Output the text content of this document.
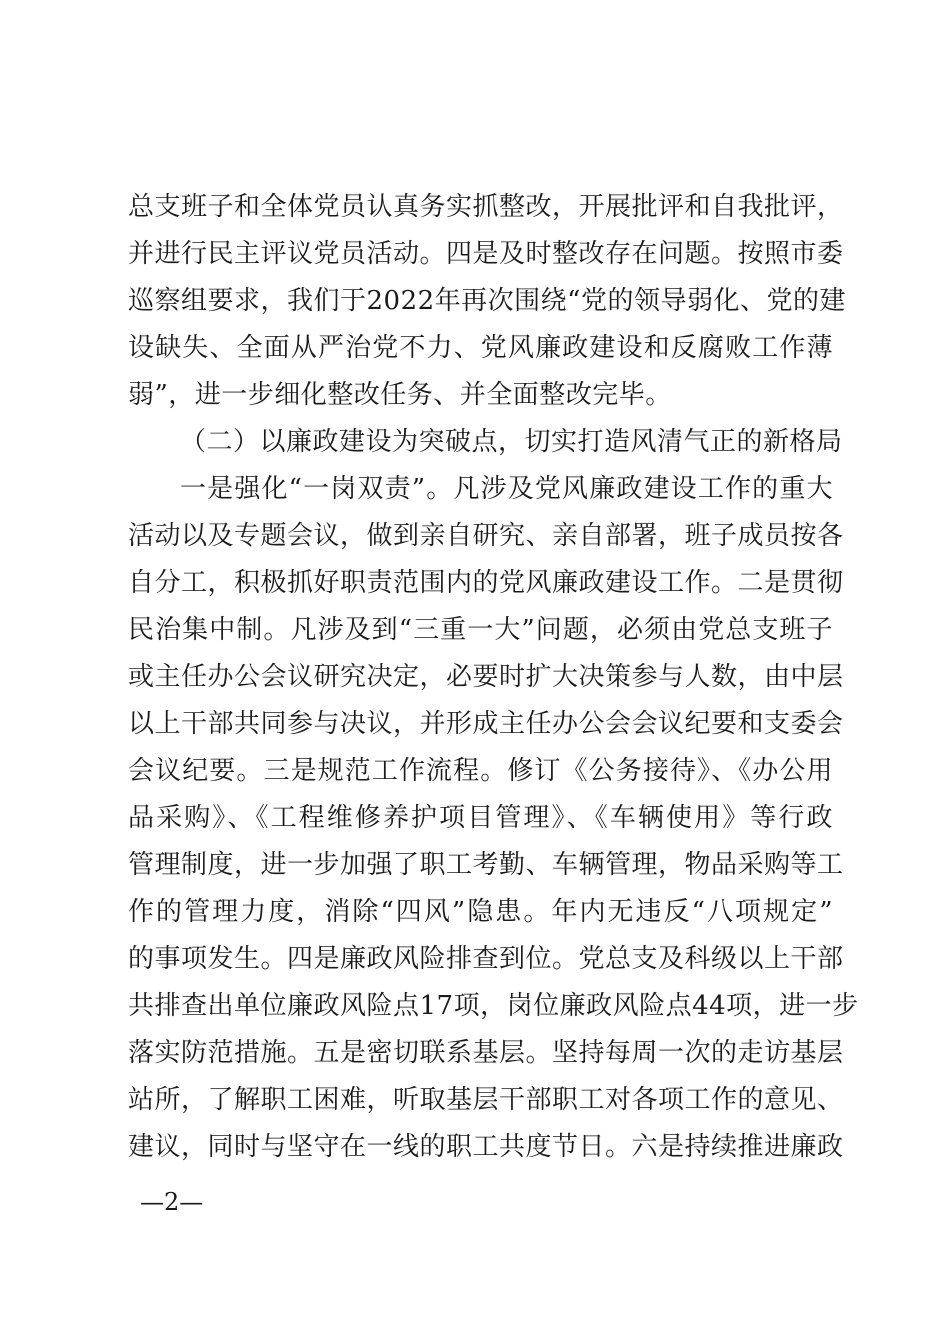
总支班子和全体党员认真务实抓整改，开展批评和自我批评，
并进行民主评议党员活动。四是及时整改存在问题。按照市委
巡察组要求，我们于2022年再次围绕“党的领导弱化、党的建
设缺失、全面从严治党不力、党风廉政建设和反腐败工作薄
弱”，进一步细化整改任务、并全面整改完毕。
（二）以廉政建设为突破点，切实打造风清气正的新格局
一是强化“一岗双责”。凡涉及党风廉政建设工作的重大
活动以及专题会议，做到亲自研究、亲自部署，班子成员按各
自分工，积极抓好职责范围内的党风廉政建设工作。二是贯彻
民治集中制。凡涉及到“三重一大”问题，必须由党总支班子
或主任办公会议研究决定，必要时扩大决策参与人数，由中层
以上干部共同参与决议，并形成主任办公会会议纪要和支委会
会议纪要。三是规范工作流程。修订《公务接待》、《办公用
品采购》、《工程维修养护项目管理》、《车辆使用》等行政
管理制度，进一步加强了职工考勤、车辆管理，物品采购等工
作的管理力度，消除“四风”隐患。年内无违反“八项规定”
的事项发生。四是廉政风险排查到位。党总支及科级以上干部
共排查出单位廉政风险点17项，岗位廉政风险点44项，进一步
落实防范措施。五是密切联系基层。坚持每周一次的走访基层
站所，了解职工困难，听取基层干部职工对各项工作的意见、
建议，同时与坚守在一线的职工共度节日。六是持续推进廉政
—2—
